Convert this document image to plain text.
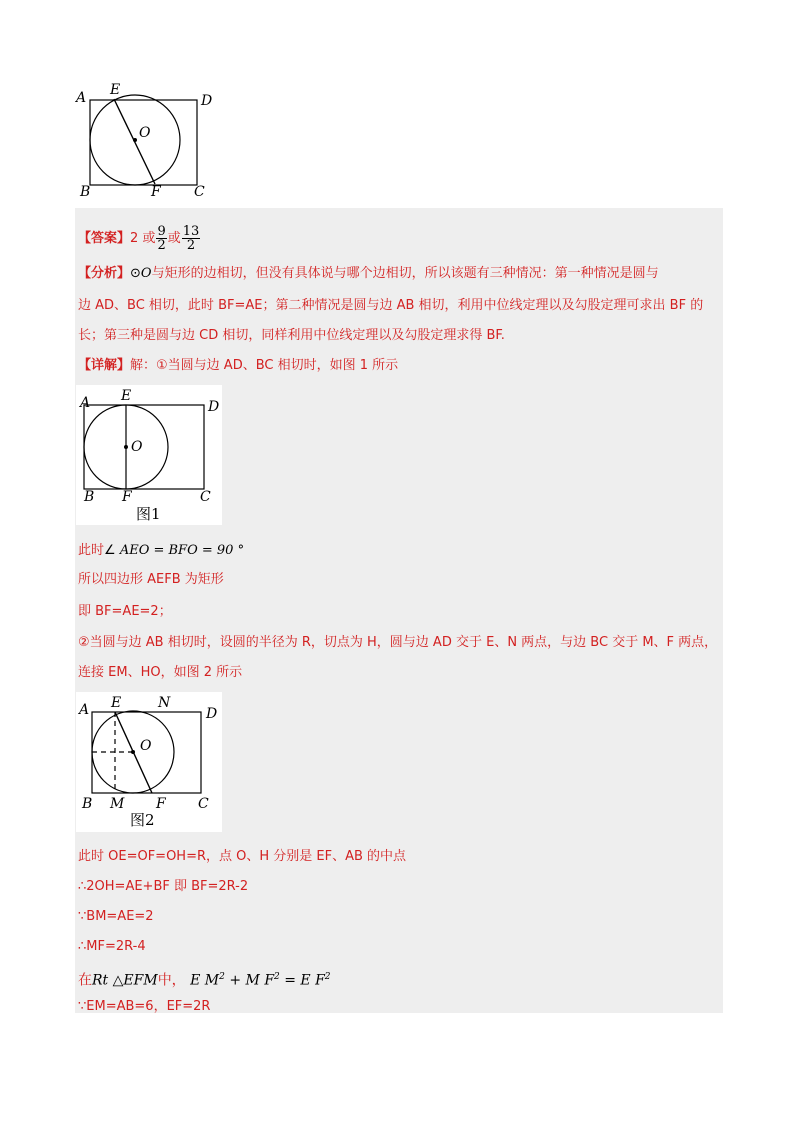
A E
D
O
B	F C
【答案】2 或 $\frac{9}{2}$ 或 $\frac{13}{2}$
【分析】⊙O与矩形的边相切，但没有具体说与哪个边相切，所以该题有三种情况：第一种情况是圆与
边 AD、BC 相切，此时 BF=AE；第二种情况是圆与边 AB 相切，利用中位线定理以及勾股定理可求出 BF 的
长；第三种是圆与边 CD 相切，同样利用中位线定理以及勾股定理求得 BF.
【详解】解：①当圆与边 AD、BC 相切时，如图 1 所示
A E
D
O
B F	C
图1
此时∠ AEO = BFO = 90 °
所以四边形 AEFB 为矩形
即 BF=AE=2；
②当圆与边 AB 相切时，设圆的半径为 R，切点为 H，圆与边 AD 交于 E、N 两点，与边 BC 交于 M、F 两点，
连接 EM、HO，如图 2 所示
A E	N
D
O
B M F C
图2
此时 OE=OF=OH=R，点 O、H 分别是 EF、AB 的中点
∴2OH=AE+BF 即 BF=2R-2
∵BM=AE=2
∴MF=2R-4
在Rt △EFM中， E $M^2 + M$ $F^2 = E$ $F^2$
∵EM=AB=6，EF=2R
